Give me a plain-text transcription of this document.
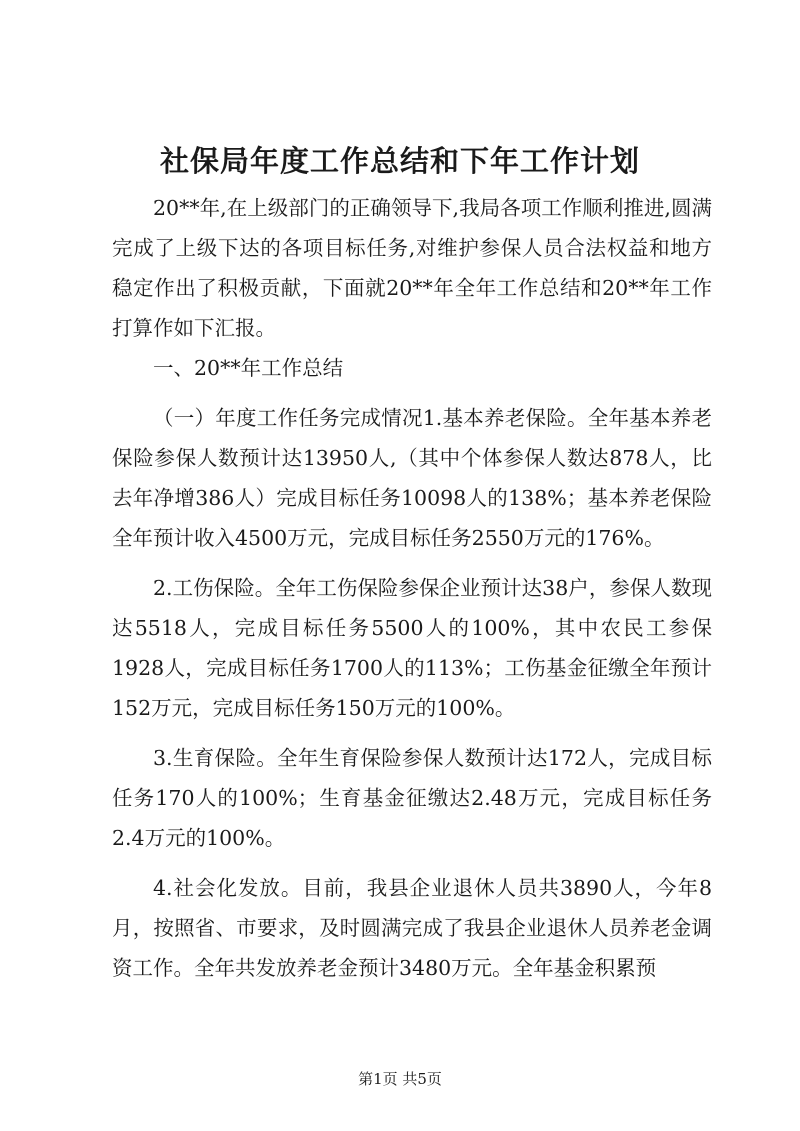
社保局年度工作总结和下年工作计划

20**年,在上级部门的正确领导下,我局各项工作顺利推进,圆满完成了上级下达的各项目标任务,对维护参保人员合法权益和地方稳定作出了积极贡献，下面就20**年全年工作总结和20**年工作打算作如下汇报。

一、20**年工作总结

（一）年度工作任务完成情况1.基本养老保险。全年基本养老保险参保人数预计达13950人,（其中个体参保人数达878人，比去年净增386人）完成目标任务10098人的138%；基本养老保险全年预计收入4500万元，完成目标任务2550万元的176%。

2.工伤保险。全年工伤保险参保企业预计达38户，参保人数现达5518人，完成目标任务5500人的100%，其中农民工参保1928人，完成目标任务1700人的113%；工伤基金征缴全年预计152万元，完成目标任务150万元的100%。

3.生育保险。全年生育保险参保人数预计达172人，完成目标任务170人的100%；生育基金征缴达2.48万元，完成目标任务2.4万元的100%。

4.社会化发放。目前，我县企业退休人员共3890人，今年8月，按照省、市要求，及时圆满完成了我县企业退休人员养老金调资工作。全年共发放养老金预计3480万元。全年基金积累预

第1页 共5页
